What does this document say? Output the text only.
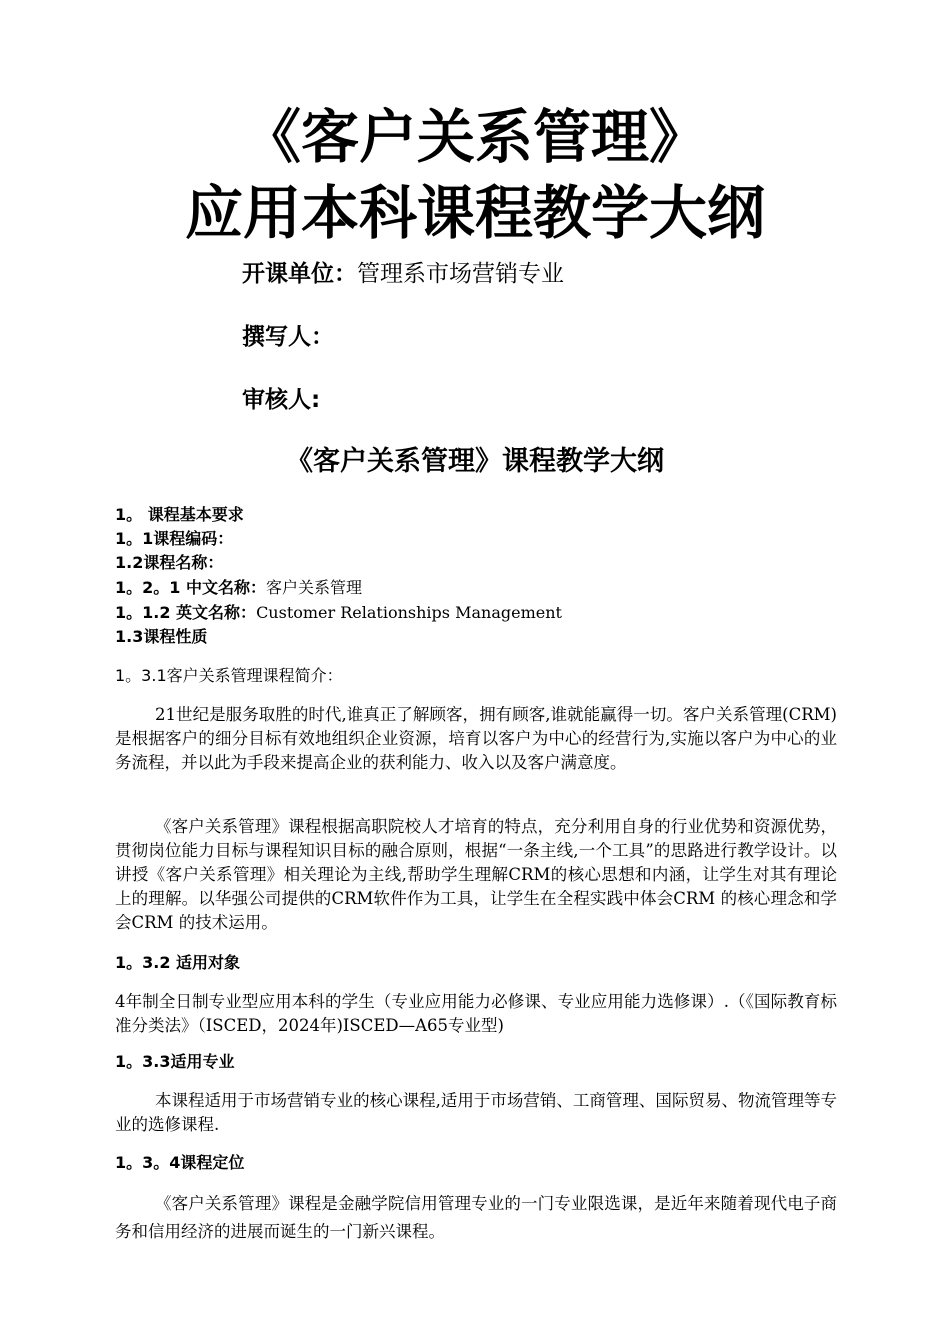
《客户关系管理》
应用本科课程教学大纲
开课单位：管理系市场营销专业
撰写人：
审核人:
《客户关系管理》课程教学大纲
1。 课程基本要求
1。1课程编码：
1.2课程名称：
1。2。1 中文名称：客户关系管理
1。1.2 英文名称：Customer Relationships Management
1.3课程性质
1。3.1客户关系管理课程简介：

21世纪是服务取胜的时代,谁真正了解顾客，拥有顾客,谁就能赢得一切。客户关系管理(CRM)是根据客户的细分目标有效地组织企业资源，培育以客户为中心的经营行为,实施以客户为中心的业务流程，并以此为手段来提高企业的获利能力、收入以及客户满意度。

《客户关系管理》课程根据高职院校人才培育的特点，充分利用自身的行业优势和资源优势， 贯彻岗位能力目标与课程知识目标的融合原则，根据“一条主线,一个工具”的思路进行教学设计。以讲授《客户关系管理》相关理论为主线,帮助学生理解CRM的核心思想和内涵，让学生对其有理论上的理解。以华强公司提供的CRM软件作为工具，让学生在全程实践中体会CRM 的核心理念和学会CRM 的技术运用。

1。3.2 适用对象

4年制全日制专业型应用本科的学生（专业应用能力必修课、专业应用能力选修课）.（《国际教育标准分类法》（ISCED，2024年)ISCED—A65专业型)

1。3.3适用专业

本课程适用于市场营销专业的核心课程,适用于市场营销、工商管理、国际贸易、物流管理等专业的选修课程.

1。3。4课程定位

《客户关系管理》课程是金融学院信用管理专业的一门专业限选课，是近年来随着现代电子商务和信用经济的进展而诞生的一门新兴课程。
